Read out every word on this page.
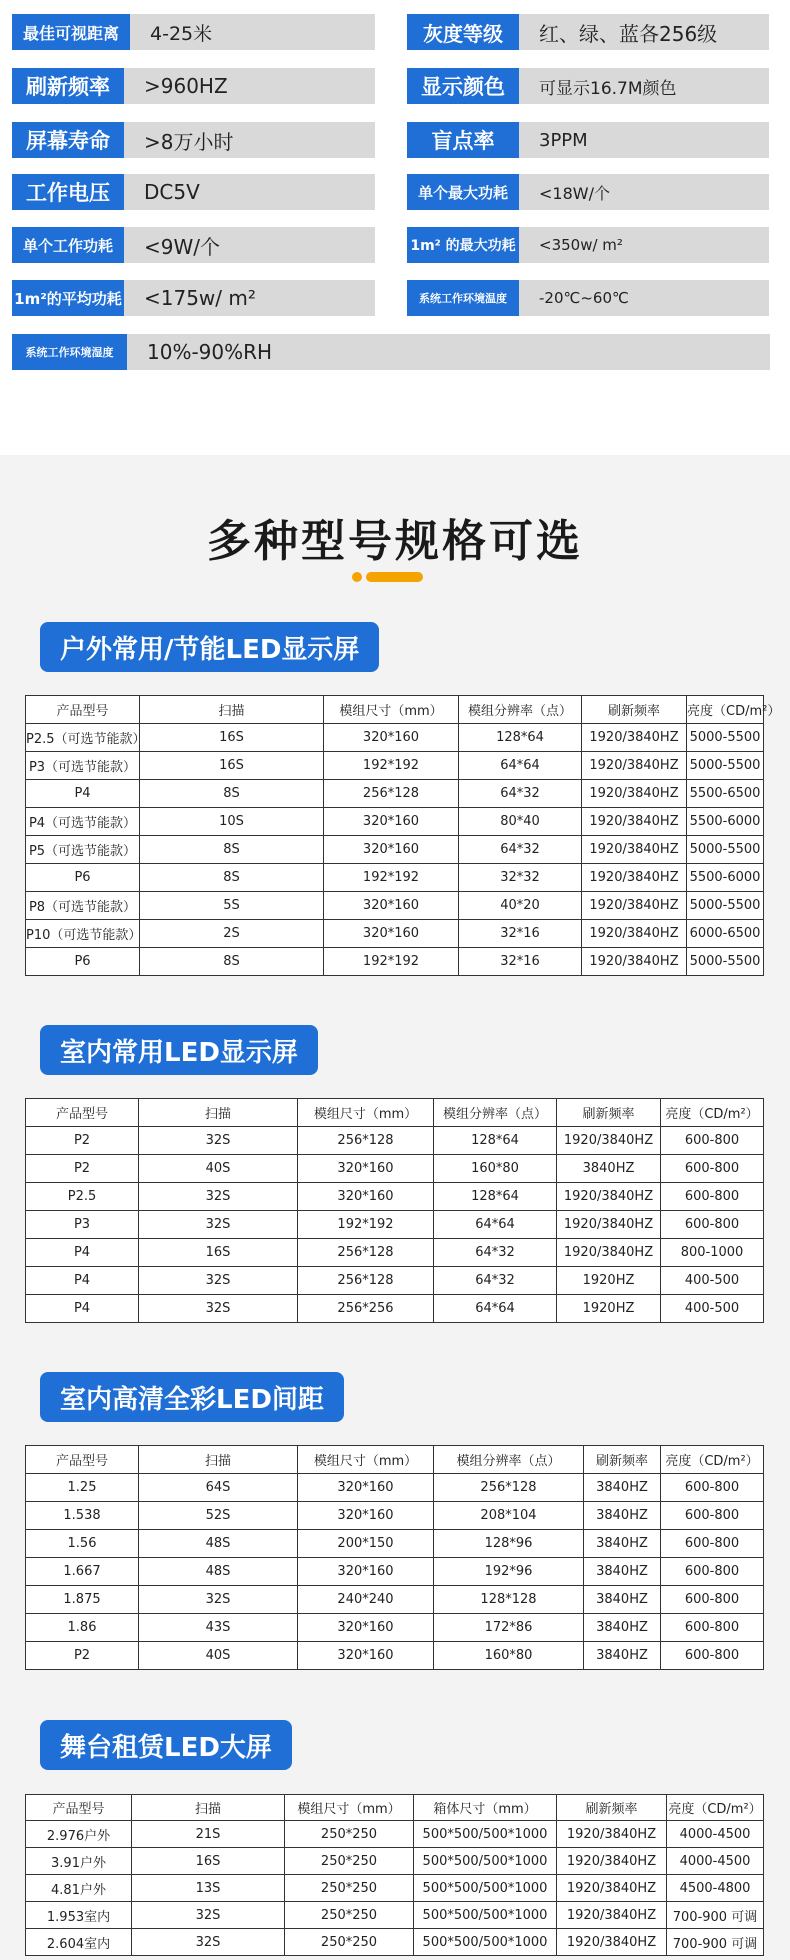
最佳可视距离	4-25米	灰度等级	红、绿、蓝各256级
刷新频率	>960HZ	显示颜色	可显示16.7M颜色
屏幕寿命	>8万小时	盲点率	3PPM
工作电压	DC5V	单个最大功耗	<18W/个
单个工作功耗	<9W/个	1m² 的最大功耗	<350w/ m²
1m²的平均功耗	<175w/ m²	系统工作环境温度	-20℃~60℃
系统工作环境湿度	10%-90%RH
多种型号规格可选
户外常用/节能LED显示屏
产品型号	扫描	模组尺寸（mm）	模组分辨率（点）	刷新频率	亮度（CD/m²）
P2.5（可选节能款）	16S	320*160	128*64	1920/3840HZ	5000-5500
P3（可选节能款）	16S	192*192	64*64	1920/3840HZ	5000-5500
P4	8S	256*128	64*32	1920/3840HZ	5500-6500
P4（可选节能款）	10S	320*160	80*40	1920/3840HZ	5500-6000
P5（可选节能款）	8S	320*160	64*32	1920/3840HZ	5000-5500
P6	8S	192*192	32*32	1920/3840HZ	5500-6000
P8（可选节能款）	5S	320*160	40*20	1920/3840HZ	5000-5500
P10（可选节能款）	2S	320*160	32*16	1920/3840HZ	6000-6500
P6	8S	192*192	32*16	1920/3840HZ	5000-5500
室内常用LED显示屏
产品型号	扫描	模组尺寸（mm）	模组分辨率（点）	刷新频率	亮度（CD/m²）
P2	32S	256*128	128*64	1920/3840HZ	600-800
P2	40S	320*160	160*80	3840HZ	600-800
P2.5	32S	320*160	128*64	1920/3840HZ	600-800
P3	32S	192*192	64*64	1920/3840HZ	600-800
P4	16S	256*128	64*32	1920/3840HZ	800-1000
P4	32S	256*128	64*32	1920HZ	400-500
P4	32S	256*256	64*64	1920HZ	400-500
室内高清全彩LED间距
产品型号	扫描	模组尺寸（mm）	模组分辨率（点）	刷新频率	亮度（CD/m²）
1.25	64S	320*160	256*128	3840HZ	600-800
1.538	52S	320*160	208*104	3840HZ	600-800
1.56	48S	200*150	128*96	3840HZ	600-800
1.667	48S	320*160	192*96	3840HZ	600-800
1.875	32S	240*240	128*128	3840HZ	600-800
1.86	43S	320*160	172*86	3840HZ	600-800
P2	40S	320*160	160*80	3840HZ	600-800
舞台租赁LED大屏
产品型号	扫描	模组尺寸（mm）	箱体尺寸（mm）	刷新频率	亮度（CD/m²）
2.976户外	21S	250*250	500*500/500*1000	1920/3840HZ	4000-4500
3.91户外	16S	250*250	500*500/500*1000	1920/3840HZ	4000-4500
4.81户外	13S	250*250	500*500/500*1000	1920/3840HZ	4500-4800
1.953室内	32S	250*250	500*500/500*1000	1920/3840HZ	700-900 可调
2.604室内	32S	250*250	500*500/500*1000	1920/3840HZ	700-900 可调
